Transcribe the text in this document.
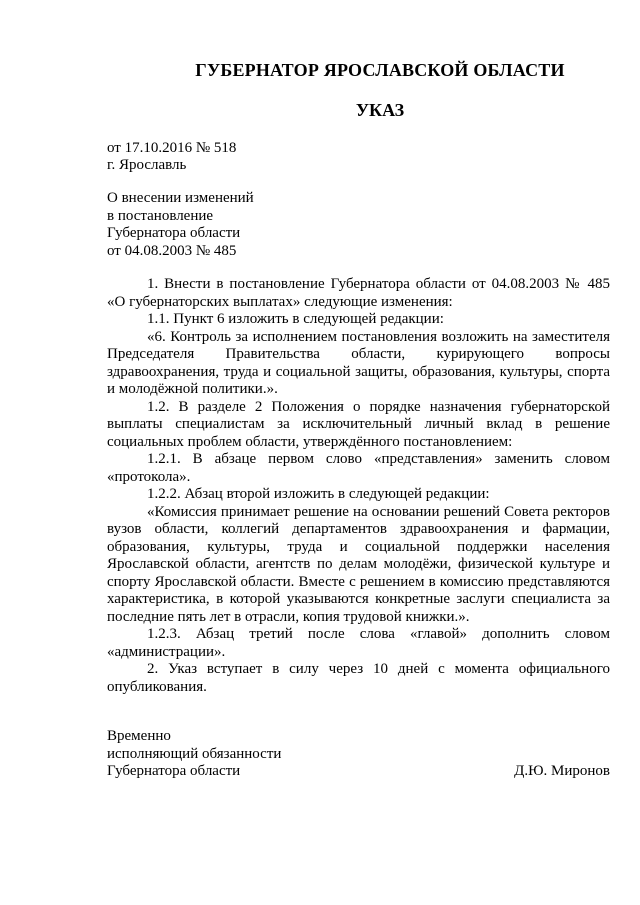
ГУБЕРНАТОР ЯРОСЛАВСКОЙ ОБЛАСТИ
УКАЗ
от 17.10.2016 № 518
г. Ярославль
О внесении изменений
в постановление
Губернатора области
от 04.08.2003 № 485

1. Внести в постановление Губернатора области от 04.08.2003 № 485 «О губернаторских выплатах» следующие изменения:

1.1. Пункт 6 изложить в следующей редакции:

«6. Контроль за исполнением постановления возложить на заместителя Председателя Правительства области, курирующего вопросы здравоохранения, труда и социальной защиты, образования, культуры, спорта и молодёжной политики.».

1.2. В разделе 2 Положения о порядке назначения губернаторской выплаты специалистам за исключительный личный вклад в решение социальных проблем области, утверждённого постановлением:

1.2.1. В абзаце первом слово «представления» заменить словом «протокола».

1.2.2. Абзац второй изложить в следующей редакции:

«Комиссия принимает решение на основании решений Совета ректоров вузов области, коллегий департаментов здравоохранения и фармации, образования, культуры, труда и социальной поддержки населения Ярославской области, агентств по делам молодёжи, физической культуре и спорту Ярославской области. Вместе с решением в комиссию представляются характеристика, в которой указываются конкретные заслуги специалиста за последние пять лет в отрасли, копия трудовой книжки.».

1.2.3. Абзац третий после слова «главой» дополнить словом «администрации».

2. Указ вступает в силу через 10 дней с момента официального опубликования.

Временно
исполняющий обязанности
Губернатора области	Д.Ю. Миронов
